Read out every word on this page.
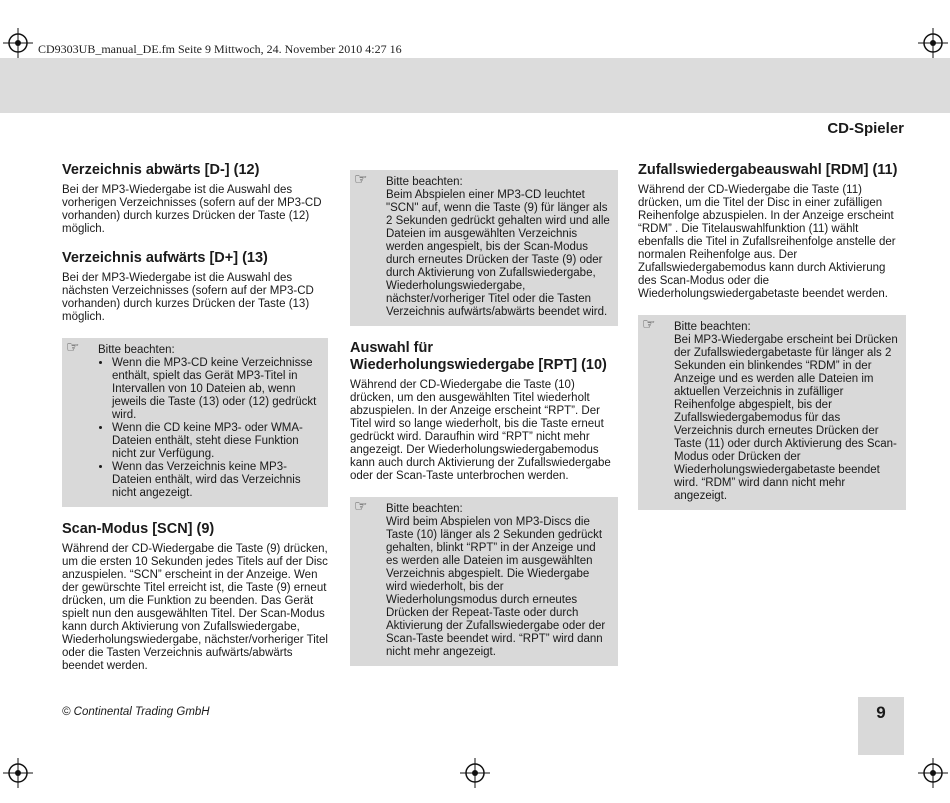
CD9303UB_manual_DE.fm Seite 9 Mittwoch, 24. November 2010 4:27 16
CD-Spieler
Verzeichnis abwärts [D-] (12)

Bei der MP3-Wiedergabe ist die Auswahl des vorherigen Verzeichnisses (sofern auf der MP3-CD vorhanden) durch kurzes Drücken der Taste (12) möglich.

Verzeichnis aufwärts [D+] (13)

Bei der MP3-Wiedergabe ist die Auswahl des nächsten Verzeichnisses (sofern auf der MP3-CD vorhanden) durch kurzes Drücken der Taste (13) möglich.

☞	Bitte beachten:
• Wenn die MP3-CD keine Verzeichnisse enthält, spielt das Gerät MP3-Titel in Intervallen von 10 Dateien ab, wenn jeweils die Taste (13) oder (12) gedrückt wird.
• Wenn die CD keine MP3- oder WMA-Dateien enthält, steht diese Funktion nicht zur Verfügung.
• Wenn das Verzeichnis keine MP3-Dateien enthält, wird das Verzeichnis nicht angezeigt.
Scan-Modus [SCN] (9)

Während der CD-Wiedergabe die Taste (9) drücken, um die ersten 10 Sekunden jedes Titels auf der Disc anzuspielen. “SCN” erscheint in der Anzeige. Wen der gewürschte Titel erreicht ist, die Taste (9) erneut drücken, um die Funktion zu beenden. Das Gerät spielt nun den ausgewählten Titel. Der Scan-Modus kann durch Aktivierung von Zufallswiedergabe, Wiederholungswiedergabe, nächster/vorheriger Titel oder die Tasten Verzeichnis aufwärts/abwärts beendet werden.

☞	Bitte beachten:
Beim Abspielen einer MP3-CD leuchtet "SCN" auf, wenn die Taste (9) für länger als 2 Sekunden gedrückt gehalten wird und alle Dateien im ausgewählten Verzeichnis werden angespielt, bis der Scan-Modus durch erneutes Drücken der Taste (9) oder durch Aktivierung von Zufallswiedergabe, Wiederholungswiedergabe, nächster/vorheriger Titel oder die Tasten Verzeichnis aufwärts/abwärts beendet wird.
Auswahl für Wiederholungswiedergabe [RPT] (10)

Während der CD-Wiedergabe die Taste (10) drücken, um den ausgewählten Titel wiederholt abzuspielen. In der Anzeige erscheint “RPT”. Der Titel wird so lange wiederholt, bis die Taste erneut gedrückt wird. Daraufhin wird “RPT” nicht mehr angezeigt. Der Wiederholungswiedergabemodus kann auch durch Aktivierung der Zufallswiedergabe oder der Scan-Taste unterbrochen werden.

☞	Bitte beachten:
Wird beim Abspielen von MP3-Discs die Taste (10) länger als 2 Sekunden gedrückt gehalten, blinkt “RPT” in der Anzeige und es werden alle Dateien im ausgewählten Verzeichnis abgespielt. Die Wiedergabe wird wiederholt, bis der Wiederholungsmodus durch erneutes Drücken der Repeat-Taste oder durch Aktivierung der Zufallswiedergabe oder der Scan-Taste beendet wird. “RPT” wird dann nicht mehr angezeigt.
Zufallswiedergabeauswahl [RDM] (11)

Während der CD-Wiedergabe die Taste (11) drücken, um die Titel der Disc in einer zufälligen Reihenfolge abzuspielen. In der Anzeige erscheint “RDM” . Die Titelauswahlfunktion (11) wählt ebenfalls die Titel in Zufallsreihenfolge anstelle der normalen Reihenfolge aus. Der Zufallswiedergabemodus kann durch Aktivierung des Scan-Modus oder die Wiederholungswiedergabetaste beendet werden.

☞	Bitte beachten:
Bei MP3-Wiedergabe erscheint bei Drücken der Zufallswiedergabetaste für länger als 2 Sekunden ein blinkendes “RDM” in der Anzeige und es werden alle Dateien im aktuellen Verzeichnis in zufälliger Reihenfolge abgespielt, bis der Zufallswiedergabemodus für das Verzeichnis durch erneutes Drücken der Taste (11) oder durch Aktivierung des Scan-Modus oder Drücken der Wiederholungswiedergabetaste beendet wird. “RDM” wird dann nicht mehr angezeigt.
© Continental Trading GmbH	9
